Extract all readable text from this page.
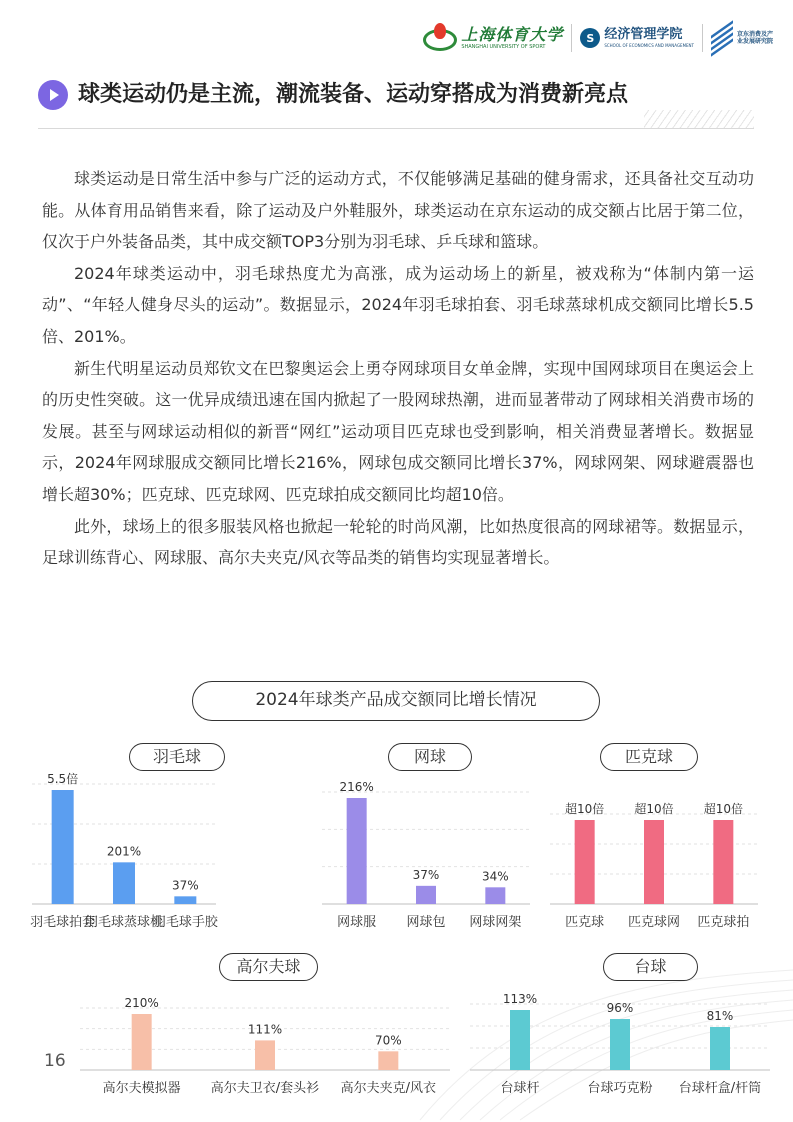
上海体育大学
SHANGHAI UNIVERSITY OF SPORT
S 经济管理学院
SCHOOL OF ECONOMICS AND MANAGEMENT
京东消费及产业发展研究院
球类运动仍是主流，潮流装备、运动穿搭成为消费新亮点

球类运动是日常生活中参与广泛的运动方式，不仅能够满足基础的健身需求，还具备社交互动功能。从体育用品销售来看，除了运动及户外鞋服外，球类运动在京东运动的成交额占比居于第二位，仅次于户外装备品类，其中成交额TOP3分别为羽毛球、乒乓球和篮球。

2024年球类运动中，羽毛球热度尤为高涨，成为运动场上的新星，被戏称为“体制内第一运动”、“年轻人健身尽头的运动”。数据显示，2024年羽毛球拍套、羽毛球蒸球机成交额同比增长5.5倍、201%。

新生代明星运动员郑钦文在巴黎奥运会上勇夺网球项目女单金牌，实现中国网球项目在奥运会上的历史性突破。这一优异成绩迅速在国内掀起了一股网球热潮，进而显著带动了网球相关消费市场的发展。甚至与网球运动相似的新晋“网红”运动项目匹克球也受到影响，相关消费显著增长。数据显示，2024年网球服成交额同比增长216%，网球包成交额同比增长37%，网球网架、网球避震器也增长超30%；匹克球、匹克球网、匹克球拍成交额同比均超10倍。

此外，球场上的很多服装风格也掀起一轮轮的时尚风潮，比如热度很高的网球裙等。数据显示，足球训练背心、网球服、高尔夫夹克/风衣等品类的销售均实现显著增长。

2024年球类产品成交额同比增长情况
羽毛球	网球	匹克球
高尔夫球	台球
5.5倍
羽毛球拍套
201%
羽毛球蒸球机
37%
羽毛球手胶
216%
网球服
37%
网球包
34%
网球网架
超10倍
匹克球
超10倍
匹克球网
超10倍
匹克球拍
210%
高尔夫模拟器
111%
高尔夫卫衣/套头衫
70%
高尔夫夹克/风衣
113%
台球杆
96%
台球巧克粉
81%
台球杆盒/杆筒
16
